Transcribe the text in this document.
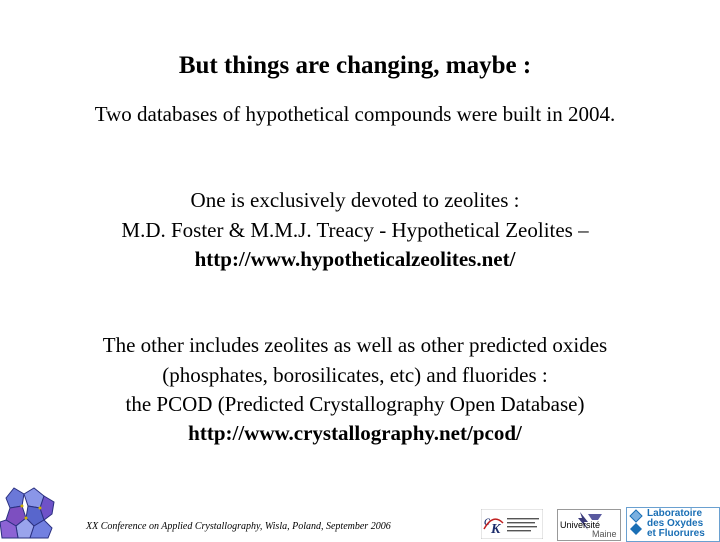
But things are changing, maybe :
Two databases of hypothetical compounds were built in 2004.
One is exclusively devoted to zeolites :
M.D. Foster & M.M.J. Treacy - Hypothetical Zeolites –
http://www.hypotheticalzeolites.net/
The other includes zeolites as well as other predicted oxides
(phosphates, borosilicates, etc) and fluorides :
the PCOD (Predicted Crystallography Open Database)
http://www.crystallography.net/pcod/
XX Conference on Applied Crystallography, Wisla, Poland, September 2006	c
K	Université
Maine
Laboratoire
des Oxydes
et Fluorures
